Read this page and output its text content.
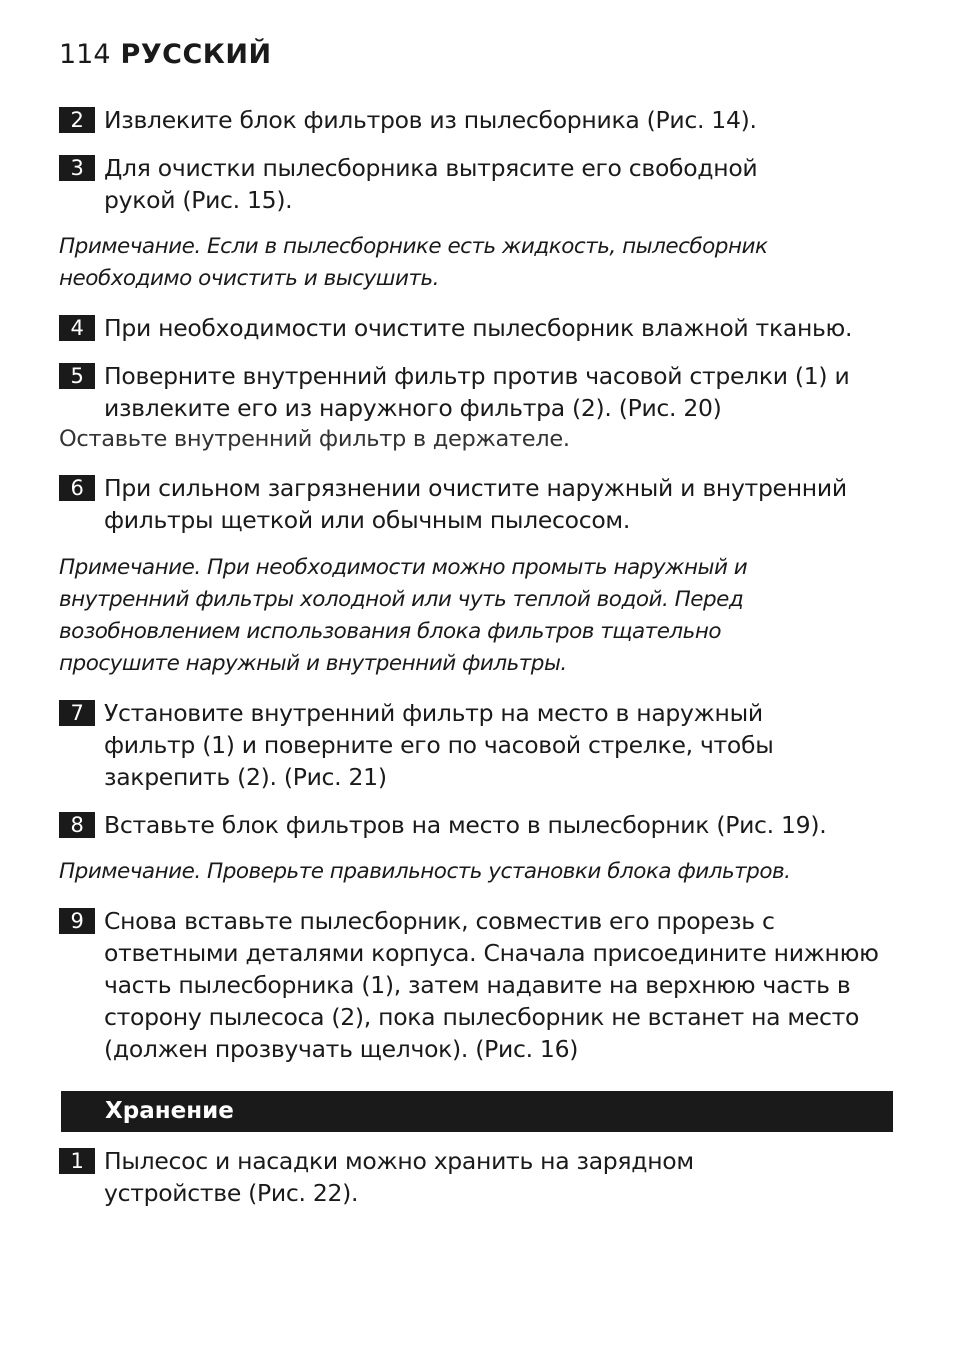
114 РУССКИЙ
2 Извлеките блок фильтров из пылесборника (Рис. 14).
3 Для очистки пылесборника вытрясите его свободной рукой (Рис. 15).
Примечание. Если в пылесборнике есть жидкость, пылесборник необходимо очистить и высушить.
4 При необходимости очистите пылесборник влажной тканью.
5 Поверните внутренний фильтр против часовой стрелки (1) и извлеките его из наружного фильтра (2). (Рис. 20)
Оставьте внутренний фильтр в держателе.
6 При сильном загрязнении очистите наружный и внутренний фильтры щеткой или обычным пылесосом.
Примечание. При необходимости можно промыть наружный и внутренний фильтры холодной или чуть теплой водой. Перед возобновлением использования блока фильтров тщательно просушите наружный и внутренний фильтры.
7 Установите внутренний фильтр на место в наружный фильтр (1) и поверните его по часовой стрелке, чтобы закрепить (2). (Рис. 21)
8 Вставьте блок фильтров на место в пылесборник (Рис. 19).
Примечание. Проверьте правильность установки блока фильтров.
9 Снова вставьте пылесборник, совместив его прорезь с ответными деталями корпуса. Сначала присоедините нижнюю часть пылесборника (1), затем надавите на верхнюю часть в сторону пылесоса (2), пока пылесборник не встанет на место (должен прозвучать щелчок). (Рис. 16)
Хранение
1 Пылесос и насадки можно хранить на зарядном устройстве (Рис. 22).
